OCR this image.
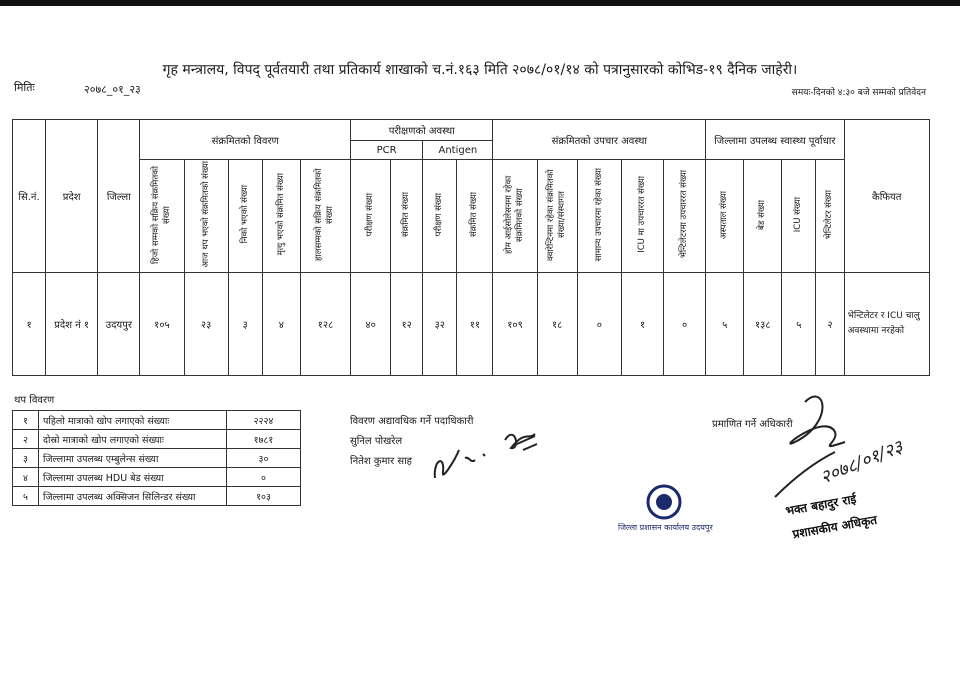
गृह मन्त्रालय, विपद् पूर्वतयारी तथा प्रतिकार्य शाखाको च.नं.१६३ मिति २०७८/०१/१४ को पत्रानुसारको कोभिड-१९ दैनिक जाहेरी।
मितिः	२०७८_०१_२३	समयः-दिनको ४:३० बजे सम्मको प्रतिवेदन
सि.नं.	प्रदेश	जिल्ला	संक्रमितको विवरण					परीक्षणको अवस्था				संक्रमितको उपचार अवस्था					जिल्लामा उपलब्ध स्वास्थ्य पूर्वाधार				कैफियत
								PCR		Antigen											
			हिजो सम्मको सक्रिय संक्रमितको संख्या	आज थप भएको संक्रमितको संख्या	निको भएको संख्या	मृत्यु भएको संक्रमित संख्या	हालसम्मको सक्रिय संक्रमितको संख्या	परीक्षण संख्या	संक्रमित संख्या	परीक्षण संख्या	संक्रमित संख्या	होम आईसोलेसनमा रहेका संक्रमितको संख्या	क्वारेन्टिनमा रहेका संक्रमितको संख्या/संस्थागत	सामान्य उपचारमा रहेका संख्या	ICU मा उपचाररत संख्या	भेन्टिलेटरमा उपचाररत संख्या	अस्पताल संख्या	बेड संख्या	ICU संख्या	भेन्टिलेटर संख्या	
१	प्रदेश नं १	उदयपुर	१०५	२३	३	४	१२८	४०	१२	३२	११	१०९	१८	०	१	०	५	१३८	५	२	भेन्टिलेटर र ICU चालु अवस्थामा नरहेको
थप विवरण
१	पहिलो मात्राको खोप लगाएको संख्याः	२२२४
२	दोस्रो मात्राको खोप लगाएको संख्याः	१७८१
३	जिल्लामा उपलब्ध एम्बुलेन्स संख्या	३०
४	जिल्लामा उपलब्ध HDU बेड संख्या	०
५	जिल्लामा उपलब्ध अक्सिजन सिलिन्डर संख्या	१०३
विवरण अद्यावधिक गर्ने पदाधिकारी
सुनिल पोखरेल
नितेश कुमार साह
प्रमाणित गर्ने अधिकारी
२०७८/०१/२३
जिल्ला प्रशासन कार्यालय उदयपुर
भक्त बहादुर राई
प्रशासकीय अधिकृत
